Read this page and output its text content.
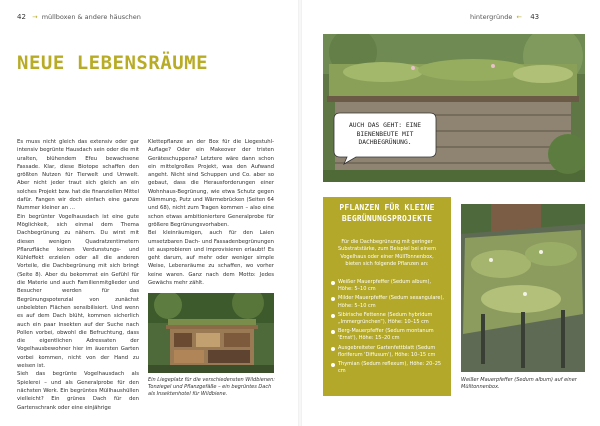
42 → müllboxen & andere häuschen	hintergründe ← 43
NEUE LEBENSRÄUME

Es muss nicht gleich das extensiv oder gar intensiv begrünte Hausdach sein oder die mit uralten, blühendem Efeu bewachsene Fassade. Klar, diese Biotope schaffen den größten Nutzen für Tierwelt und Umwelt. Aber nicht jeder traut sich gleich an ein solches Projekt bzw. hat die finanziellen Mittel dafür. Fangen wir doch einfach eine ganze Nummer kleiner an …
Ein begrünter Vogelhausdach ist eine gute Möglichkeit, sich einmal dem Thema Dachbegrünung zu nähern. Du wirst mit diesen wenigen Quadratzentimetern Pflanzfläche keinen Verdunstungs- und Kühleffekt erzielen oder all die anderen Vorteile, die Dachbegrünung mit sich bringt (Seite 8). Aber du bekommst ein Gefühl für die Materie und auch Familienmitglieder und Besucher werden für das Begrünungspotenzial von zunächst unbelebten Flächen sensibilisiert. Und wenn es auf dem Dach blüht, kommen sicherlich auch ein paar Insekten auf der Suche nach Pollen vorbei, obwohl die Befruchtung, dass die eigentlichen Adressaten der Vogelhausbewohner hier im äuersten Garten vorbei kommen, nicht von der Hand zu weisen ist.
Sieh das begrünte Vogelhausdach als Spielerei – und als Generalprobe für den nächsten Werk. Ein begrüntes Müllhaushüllen vielleicht? Ein grünes Dach für den Gartenschrank oder eine einjährige

Klettepflanze an der Box für die Liegestuhl-Auflage? Oder ein Makeover der tristen Geräteschuppens? Letztere wäre dann schon ein mittelgroßes Projekt, was den Aufwand angeht. Nicht sind Schuppen und Co. aber so gebaut, dass die Herausforderungen einer Wohnhaus-Begrünung, wie etwa Schutz gegen Dämmung, Putz und Wärmebrücken (Seiten 64 und 68), nicht zum Tragen kommen – also eine schon etwas ambitioniertere Generalprobe für größere Begrünungsvorhaben.
Bei kleinräumigen, auch für den Laien umsetzbaren Dach- und Fassadenbegrünungen ist ausprobieren und improvisieren erlaubt! Es geht darum, auf mehr oder weniger simple Weise, Lebensräume zu schaffen, wo vorher keine waren. Ganz nach dem Motto: Jedes Gewächs mehr zählt.

Ein Liegeplatz für die verschiedensten Wildbienen: Tonziegel und Pflanzgefäße – ein begrüntes Dach als Insektenhotel für Wildbiene.
AUCH DAS GEHT: EINE BIENENBEUTE MIT DACHBEGRÜNUNG.
PFLANZEN FÜR KLEINE BEGRÜNUNGSPROJEKTE
Für die Dachbegrünung mit geringer Substratstärke, zum Beispiel bei einem Vogelhaus oder einer MüllTonnenbox, bieten sich folgende Pflanzen an:
Weißer Mauerpfeffer (Sedum album), Höhe: 5–10 cm
Milder Mauerpfeffer (Sedum sexangulare), Höhe: 5–10 cm
Sibirische Fettenne (Sedum hybridum „Immergrünchen“), Höhe: 10–15 cm
Berg-Mauerpfeffer (Sedum montanum 'Ernst'), Höhe: 15–20 cm
Ausgebreiteter Gartenfettblatt (Sedum floriferum 'Diffusum'), Höhe: 10–15 cm
Thymian (Sedum reflexum), Höhe: 20–25 cm
Weißer Mauerpfeffer (Sedum album) auf einer Mülltonnenbox.
